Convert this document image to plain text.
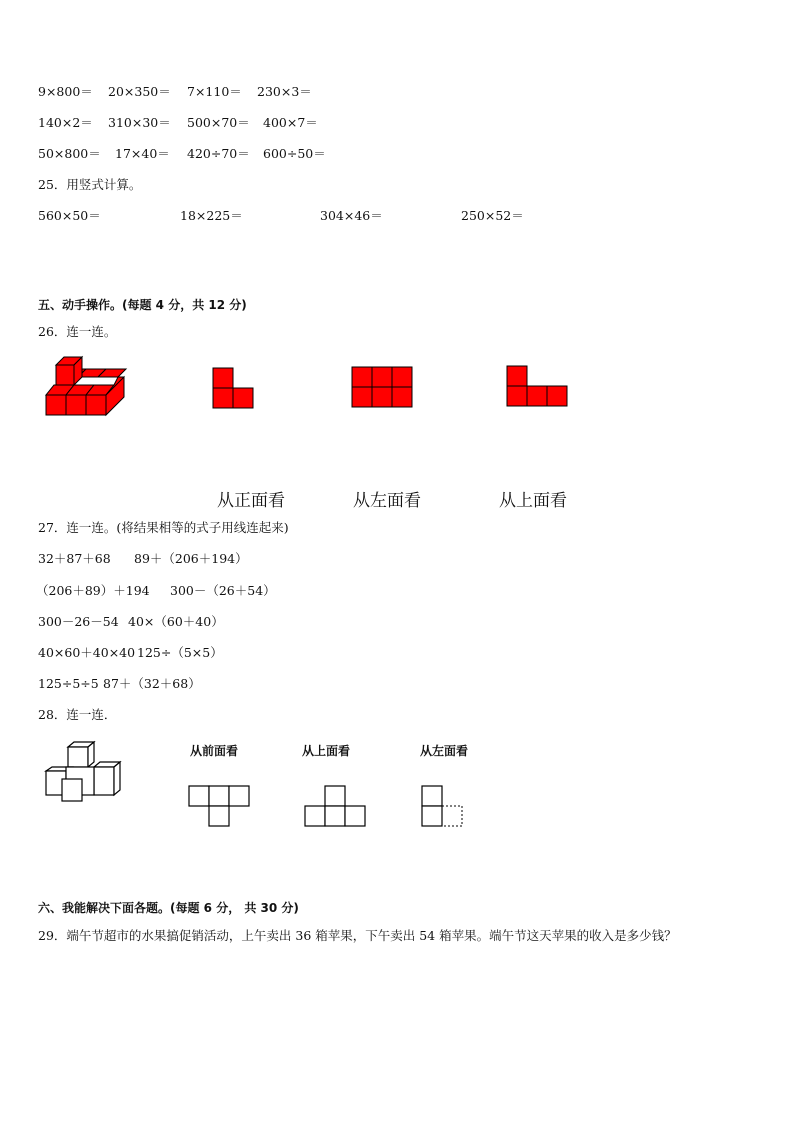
9×800＝ 20×350＝ 7×110＝ 230×3＝
140×2＝ 310×30＝ 500×70＝ 400×7＝
50×800＝ 17×40＝ 420÷70＝ 600÷50＝
25．用竖式计算。
560×50＝	18×225＝	304×46＝	250×52＝
五、动手操作。(每题 4 分，共 12 分)
26．连一连。
从正面看	从左面看	从上面看
27．连一连。(将结果相等的式子用线连起来)
32＋87＋68 89＋（206＋194）
（206＋89）＋194 300－（26＋54）
300－26－54 40×（60＋40）
40×60＋40×40 125÷（5×5）
125÷5÷5 87＋（32＋68）
28．连一连．
从前面看	从上面看	从左面看
六、我能解决下面各题。(每题 6 分， 共 30 分)
29．端午节超市的水果搞促销活动，上午卖出 36 箱苹果，下午卖出 54 箱苹果。端午节这天苹果的收入是多少钱？
